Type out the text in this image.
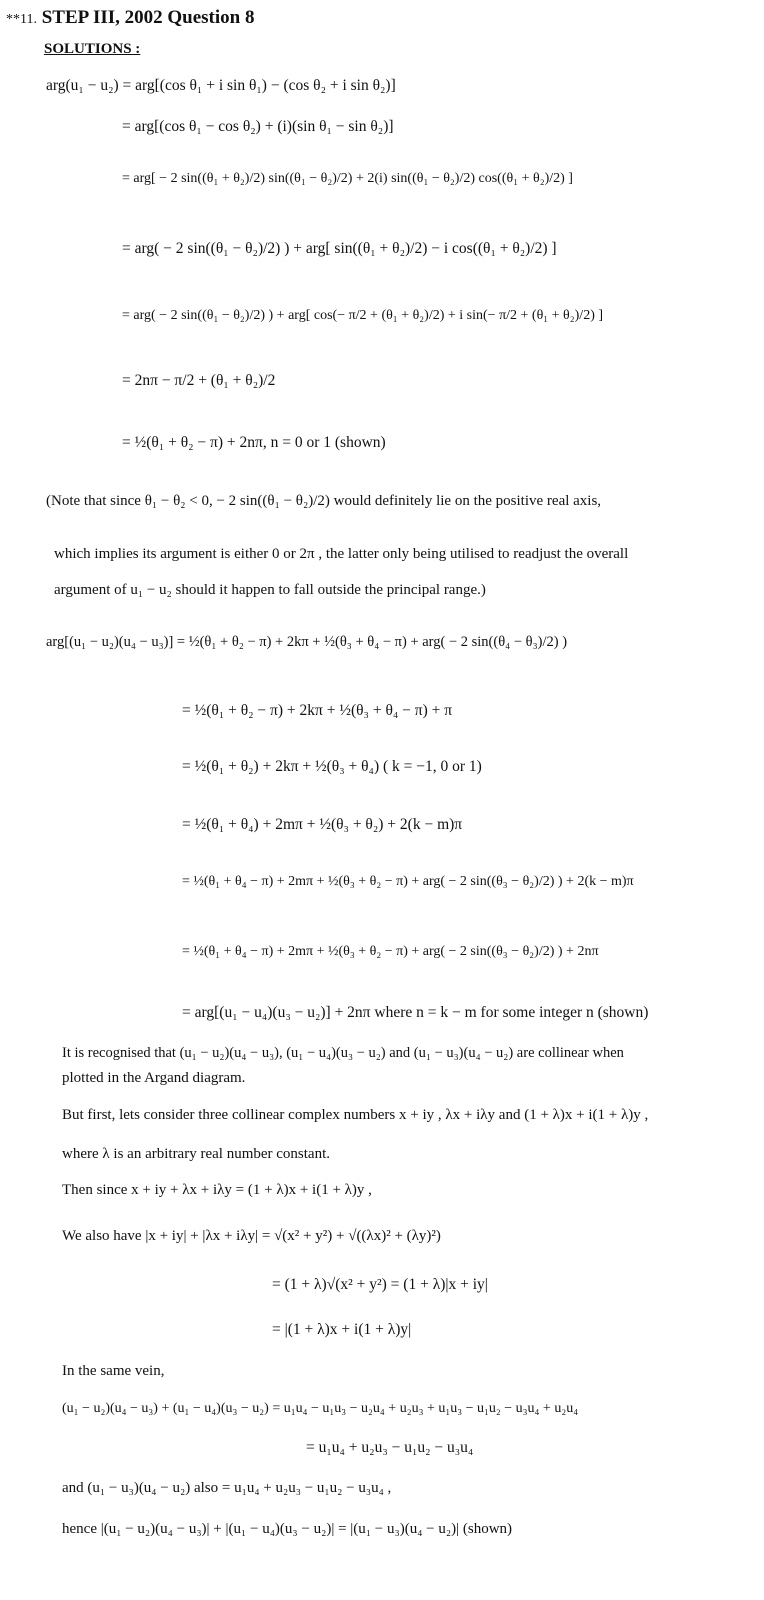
**11. STEP III, 2002 Question 8
SOLUTIONS :
arg(u₁ − u₂) = arg[(cos θ₁ + i sin θ₁) − (cos θ₂ + i sin θ₂)]
= arg[(cos θ₁ − cos θ₂) + (i)(sin θ₁ − sin θ₂)]
= arg[ − 2 sin((θ₁ + θ₂)/2) sin((θ₁ − θ₂)/2) + 2(i) sin((θ₁ − θ₂)/2) cos((θ₁ + θ₂)/2) ]
= arg( − 2 sin((θ₁ − θ₂)/2) ) + arg[ sin((θ₁ + θ₂)/2) − i cos((θ₁ + θ₂)/2) ]
= arg( − 2 sin((θ₁ − θ₂)/2) ) + arg[ cos(− π/2 + (θ₁ + θ₂)/2) + i sin(− π/2 + (θ₁ + θ₂)/2) ]
= 2nπ − π/2 + (θ₁ + θ₂)/2
= ½(θ₁ + θ₂ − π) + 2nπ, n = 0 or 1 (shown)
(Note that since θ₁ − θ₂ < 0, − 2 sin((θ₁ − θ₂)/2) would definitely lie on the positive real axis,
which implies its argument is either 0 or 2π , the latter only being utilised to readjust the overall
argument of u₁ − u₂ should it happen to fall outside the principal range.)
arg[(u₁ − u₂)(u₄ − u₃)] = ½(θ₁ + θ₂ − π) + 2kπ + ½(θ₃ + θ₄ − π) + arg( − 2 sin((θ₄ − θ₃)/2) )
= ½(θ₁ + θ₂ − π) + 2kπ + ½(θ₃ + θ₄ − π) + π
= ½(θ₁ + θ₂) + 2kπ + ½(θ₃ + θ₄) ( k = −1, 0 or 1)
= ½(θ₁ + θ₄) + 2mπ + ½(θ₃ + θ₂) + 2(k − m)π
= ½(θ₁ + θ₄ − π) + 2mπ + ½(θ₃ + θ₂ − π) + arg( − 2 sin((θ₃ − θ₂)/2) ) + 2(k − m)π
= ½(θ₁ + θ₄ − π) + 2mπ + ½(θ₃ + θ₂ − π) + arg( − 2 sin((θ₃ − θ₂)/2) ) + 2nπ
= arg[(u₁ − u₄)(u₃ − u₂)] + 2nπ where n = k − m for some integer n (shown)
It is recognised that (u₁ − u₂)(u₄ − u₃), (u₁ − u₄)(u₃ − u₂) and (u₁ − u₃)(u₄ − u₂) are collinear when
plotted in the Argand diagram.
But first, lets consider three collinear complex numbers x + iy , λx + iλy and (1 + λ)x + i(1 + λ)y ,
where λ is an arbitrary real number constant.
Then since x + iy + λx + iλy = (1 + λ)x + i(1 + λ)y ,
We also have |x + iy| + |λx + iλy| = √(x² + y²) + √((λx)² + (λy)²)
= (1 + λ)√(x² + y²) = (1 + λ)|x + iy|
= |(1 + λ)x + i(1 + λ)y|
In the same vein,
(u₁ − u₂)(u₄ − u₃) + (u₁ − u₄)(u₃ − u₂) = u₁u₄ − u₁u₃ − u₂u₄ + u₂u₃ + u₁u₃ − u₁u₂ − u₃u₄ + u₂u₄
= u₁u₄ + u₂u₃ − u₁u₂ − u₃u₄
and (u₁ − u₃)(u₄ − u₂) also = u₁u₄ + u₂u₃ − u₁u₂ − u₃u₄ ,
hence |(u₁ − u₂)(u₄ − u₃)| + |(u₁ − u₄)(u₃ − u₂)| = |(u₁ − u₃)(u₄ − u₂)| (shown)
